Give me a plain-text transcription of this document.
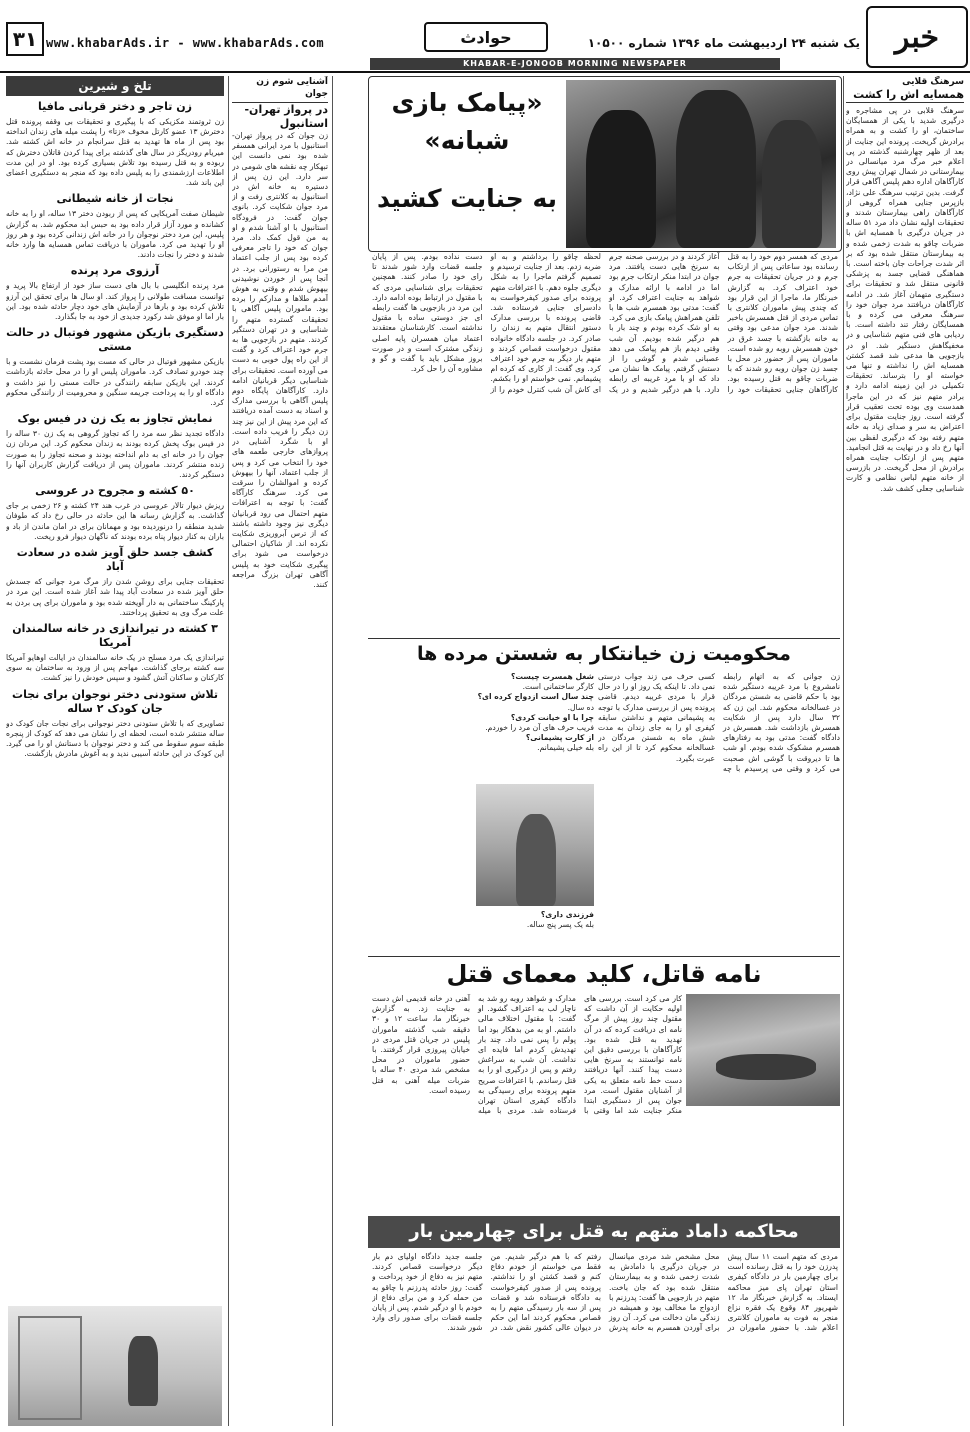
۳۱ www.khabarAds.ir - www.khabarAds.com	حوادث	یک شنبه ۲۴ اردیبهشت ماه ۱۳۹۶ شماره ۱۰۵۰۰	خبر
KHABAR-E-JONOOB MORNING NEWSPAPER
تلخ و شیرین
زن تاجر و دختر قربانی مافیا

زن ثروتمند مکزیکی که با پیگیری و تحقیقات بی وقفه پرونده قتل دخترش ۱۳ عضو کارتل مخوف «زتا» را پشت میله های زندان انداخته بود پس از ماه ها تهدید به قتل سرانجام در خانه اش کشته شد. میریام رودریگز در سال های گذشته برای پیدا کردن قاتلان دخترش که ربوده و به قتل رسیده بود تلاش بسیاری کرده بود. او در این مدت اطلاعات ارزشمندی را به پلیس داده بود که منجر به دستگیری اعضای این باند شد.

نجات از خانه شیطانی

شیطان صفت آمریکایی که پس از ربودن دختر ۱۳ ساله، او را به خانه کشانده و مورد آزار قرار داده بود به حبس ابد محکوم شد. به گزارش پلیس، این مرد دختر نوجوان را در خانه اش زندانی کرده بود و هر روز او را تهدید می کرد. ماموران با دریافت تماس همسایه ها وارد خانه شدند و دختر را نجات دادند.

آرزوی مرد پرنده

مرد پرنده انگلیسی با بال های دست ساز خود از ارتفاع بالا پرید و توانست مسافت طولانی را پرواز کند. او سال ها برای تحقق این آرزو تلاش کرده بود و بارها در آزمایش های خود دچار حادثه شده بود. این بار اما او موفق شد رکورد جدیدی از خود به جا بگذارد.

دستگیری بازیکن مشهور فوتبال در حالت مستی

بازیکن مشهور فوتبال در حالی که مست بود پشت فرمان نشست و با چند خودرو تصادف کرد. ماموران پلیس او را در محل حادثه بازداشت کردند. این بازیکن سابقه رانندگی در حالت مستی را نیز داشت و دادگاه او را به پرداخت جریمه سنگین و محرومیت از رانندگی محکوم کرد.

نمایش تجاوز به یک زن در فیس بوک

دادگاه تجدید نظر سه مرد را که تجاوز گروهی به یک زن ۳۰ ساله را در فیس بوک پخش کرده بودند به زندان محکوم کرد. این مردان زن جوان را در خانه ای به دام انداخته بودند و صحنه تجاوز را به صورت زنده منتشر کردند. ماموران پس از دریافت گزارش کاربران آنها را دستگیر کردند.

۵۰ کشته و مجروح در عروسی

ریزش دیوار تالار عروسی در غرب هند ۲۴ کشته و ۲۶ زخمی بر جای گذاشت. به گزارش رسانه ها این حادثه در حالی رخ داد که طوفان شدید منطقه را درنوردیده بود و مهمانان برای در امان ماندن از باد و باران به کنار دیوار پناه برده بودند که ناگهان دیوار فرو ریخت.

کشف جسد حلق آویز شده در سعادت آباد

تحقیقات جنایی برای روشن شدن راز مرگ مرد جوانی که جسدش حلق آویز شده در سعادت آباد پیدا شد آغاز شده است. این مرد در پارکینگ ساختمانی به دار آویخته شده بود و ماموران برای پی بردن به علت مرگ وی به تحقیق پرداختند.

۳ کشته در تیراندازی در خانه سالمندان آمریکا

تیراندازی یک مرد مسلح در یک خانه سالمندان در ایالت اوهایو آمریکا سه کشته برجای گذاشت. مهاجم پس از ورود به ساختمان به سوی کارکنان و ساکنان آتش گشود و سپس خودش را نیز کشت.

تلاش ستودنی دختر نوجوان برای نجات جان کودک ۲ ساله

تصاویری که با تلاش ستودنی دختر نوجوانی برای نجات جان کودک دو ساله منتشر شده است، لحظه ای را نشان می دهد که کودک از پنجره طبقه سوم سقوط می کند و دختر نوجوان با دستانش او را می گیرد. این کودک در این حادثه آسیبی ندید و به آغوش مادرش بازگشت.

آشنایی شوم زن جوان
در پرواز تهران-استانبول

زن جوان که در پرواز تهران-استانبول با مرد ایرانی همسفر شده بود نمی دانست این تبهکار چه نقشه های شومی در سر دارد. این زن پس از دستیره به خانه اش در استانبول به کلانتری رفت و از مرد جوان شکایت کرد. بانوی جوان گفت: در فرودگاه استانبول با او آشنا شدم و او به من قول کمک داد. مرد جوان که خود را تاجر معرفی کرده بود پس از جلب اعتماد من مرا به رستورانی برد. در آنجا پس از خوردن نوشیدنی بیهوش شدم و وقتی به هوش آمدم طلاها و مدارکم را برده بود. ماموران پلیس آگاهی با تحقیقات گسترده متهم را شناسایی و در تهران دستگیر کردند. متهم در بازجویی ها به جرم خود اعتراف کرد و گفت از این راه پول خوبی به دست می آورده است. تحقیقات برای شناسایی دیگر قربانیان ادامه دارد. کارآگاهان پایگاه دوم پلیس آگاهی با بررسی مدارک و اسناد به دست آمده دریافتند که این مرد پیش از این نیز چند زن دیگر را فریب داده است. او با شگرد آشنایی در پروازهای خارجی طعمه های خود را انتخاب می کرد و پس از جلب اعتماد، آنها را بیهوش کرده و اموالشان را سرقت می کرد. سرهنگ کارآگاه گفت: با توجه به اعترافات متهم احتمال می رود قربانیان دیگری نیز وجود داشته باشند که از ترس آبروریزی شکایت نکرده اند. از شاکیان احتمالی درخواست می شود برای پیگیری شکایت خود به پلیس آگاهی تهران بزرگ مراجعه کنند.

سرهنگ قلایی
همسایه اش را کشت

سرهنگ قلابی در پی مشاجره و درگیری شدید با یکی از همسایگان ساختمان، او را کشت و به همراه برادرش گریخت. پرونده این جنایت از بعد از ظهر چهارشنبه گذشته در پی اعلام خبر مرگ مرد میانسالی در بیمارستانی در شمال تهران پیش روی کارآگاهان اداره دهم پلیس آگاهی قرار گرفت. بدین ترتیب سرهنگ علی نژاد، بازپرس جنایی همراه گروهی از کارآگاهان راهی بیمارستان شدند و تحقیقات اولیه نشان داد مرد ۵۱ ساله در جریان درگیری با همسایه اش با ضربات چاقو به شدت زخمی شده و به بیمارستان منتقل شده بود که بر اثر شدت جراحات جان باخته است. با هماهنگی قضایی جسد به پزشکی قانونی منتقل شد و تحقیقات برای دستگیری متهمان آغاز شد. در ادامه کارآگاهان دریافتند مرد جوان خود را سرهنگ معرفی می کرده و با همسایگان رفتار تند داشته است. با ردیابی های فنی متهم شناسایی و در مخفیگاهش دستگیر شد. او در بازجویی ها مدعی شد قصد کشتن همسایه اش را نداشته و تنها می خواسته او را بترساند. تحقیقات تکمیلی در این زمینه ادامه دارد و برادر متهم نیز که در این ماجرا همدست وی بوده تحت تعقیب قرار گرفته است. روز جنایت مقتول برای اعتراض به سر و صدای زیاد به خانه متهم رفته بود که درگیری لفظی بین آنها رخ داد و در نهایت به قتل انجامید. متهم پس از ارتکاب جنایت همراه برادرش از محل گریخت. در بازرسی از خانه متهم لباس نظامی و کارت شناسایی جعلی کشف شد.

«پیامک بازی شبانه»
به جنایت کشید

مردی که همسر دوم خود را به قتل رسانده بود ساعاتی پس از ارتکاب جرم و در جریان تحقیقات به جرم خود اعتراف کرد. به گزارش خبرنگار ما، ماجرا از این قرار بود که چندی پیش ماموران کلانتری با تماس مردی از قتل همسرش باخبر شدند. مرد جوان مدعی بود وقتی به خانه بازگشته با جسد غرق در خون همسرش روبه رو شده است. ماموران پس از حضور در محل با جسد زن جوان روبه رو شدند که با ضربات چاقو به قتل رسیده بود. کارآگاهان جنایی تحقیقات خود را آغاز کردند و در بررسی صحنه جرم به سرنخ هایی دست یافتند. مرد جوان در ابتدا منکر ارتکاب جرم بود اما در ادامه با ارائه مدارک و شواهد به جنایت اعتراف کرد. او گفت: مدتی بود همسرم شب ها با تلفن همراهش پیامک بازی می کرد. به او شک کرده بودم و چند بار با هم درگیر شده بودیم. آن شب وقتی دیدم باز هم پیامک می دهد عصبانی شدم و گوشی را از دستش گرفتم. پیامک ها نشان می داد که او با مرد غریبه ای رابطه دارد. با هم درگیر شدیم و در یک لحظه چاقو را برداشتم و به او ضربه زدم. بعد از جنایت ترسیدم و تصمیم گرفتم ماجرا را به شکل دیگری جلوه دهم. با اعترافات متهم پرونده برای صدور کیفرخواست به دادسرای جنایی فرستاده شد. قاضی پرونده با بررسی مدارک دستور انتقال متهم به زندان را صادر کرد. در جلسه دادگاه خانواده مقتول درخواست قصاص کردند و متهم بار دیگر به جرم خود اعتراف کرد. وی گفت: از کاری که کرده ام پشیمانم. نمی خواستم او را بکشم. ای کاش آن شب کنترل خودم را از دست نداده بودم. پس از پایان جلسه قضات وارد شور شدند تا رای خود را صادر کنند. همچنین تحقیقات برای شناسایی مردی که با مقتول در ارتباط بوده ادامه دارد. این مرد در بازجویی ها گفت رابطه ای جز دوستی ساده با مقتول نداشته است. کارشناسان معتقدند اعتماد میان همسران پایه اصلی زندگی مشترک است و در صورت بروز مشکل باید با گفت و گو و مشاوره آن را حل کرد.

محکومیت زن خیانتکار به شستن مرده ها

زن جوانی که به اتهام رابطه نامشروع با مرد غریبه دستگیر شده بود با حکم قاضی به شستن مردگان در غسالخانه محکوم شد. این زن که ۳۲ سال دارد پس از شکایت همسرش بازداشت شد. همسرش در دادگاه گفت: مدتی بود به رفتارهای همسرم مشکوک شده بودم. او شب ها تا دیروقت با گوشی اش صحبت می کرد و وقتی می پرسیدم با چه کسی حرف می زند جواب درستی نمی داد. تا اینکه یک روز او را در حال قرار با مردی غریبه دیدم. قاضی پرونده پس از بررسی مدارک با توجه به پشیمانی متهم و نداشتن سابقه کیفری او را به جای زندان به مدت شش ماه به شستن مردگان در غسالخانه محکوم کرد تا از این راه عبرت بگیرد.

شغل همسرت چیست؟

کارگر ساختمانی است.

چند سال است ازدواج کرده ای؟

ده سال.

چرا با او خیانت کردی؟

فریب حرف های آن مرد را خوردم.

از کارت پشیمانی؟

بله خیلی پشیمانم.

فرزندی داری؟

بله یک پسر پنج ساله.

نامه قاتل، کلید معمای قتل

کار می کرد است. بررسی های اولیه حکایت از آن داشت که مقتول چند روز پیش از مرگ نامه ای دریافت کرده که در آن تهدید به قتل شده بود. کارآگاهان با بررسی دقیق این نامه توانستند به سرنخ هایی دست پیدا کنند. آنها دریافتند دست خط نامه متعلق به یکی از آشنایان مقتول است. مرد جوان پس از دستگیری ابتدا منکر جنایت شد اما وقتی با مدارک و شواهد روبه رو شد به ناچار لب به اعتراف گشود. او گفت: با مقتول اختلاف مالی داشتم. او به من بدهکار بود اما پولم را پس نمی داد. چند بار تهدیدش کردم اما فایده ای نداشت. آن شب به سراغش رفتم و پس از درگیری او را به قتل رساندم. با اعترافات صریح متهم پرونده برای رسیدگی به دادگاه کیفری استان تهران فرستاده شد. مردی با میله آهنی در خانه قدیمی اش دست به جنایت زد. به گزارش خبرنگار ما، ساعت ۱۲ و ۳۰ دقیقه شب گذشته ماموران پلیس در جریان قتل مردی در خیابان پیروزی قرار گرفتند. با حضور ماموران در محل مشخص شد مردی ۴۰ ساله با ضربات میله آهنی به قتل رسیده است.

محاکمه داماد متهم به قتل برای چهارمین بار

مردی که متهم است ۱۱ سال پیش پدرزن خود را به قتل رسانده است برای چهارمین بار در دادگاه کیفری استان تهران پای میز محاکمه ایستاد. به گزارش خبرنگار ما، ۱۲ شهریور ۸۴ وقوع یک فقره نزاع منجر به فوت به ماموران کلانتری اعلام شد. با حضور ماموران در محل مشخص شد مردی میانسال در جریان درگیری با دامادش به شدت زخمی شده و به بیمارستان منتقل شده بود که جان باخت. متهم در بازجویی ها گفت: پدرزنم با ازدواج ما مخالف بود و همیشه در زندگی مان دخالت می کرد. آن روز برای آوردن همسرم به خانه پدرش رفتم که با هم درگیر شدیم. من فقط می خواستم از خودم دفاع کنم و قصد کشتن او را نداشتم. پرونده پس از صدور کیفرخواست به دادگاه فرستاده شد و قضات پس از سه بار رسیدگی متهم را به قصاص محکوم کردند اما این حکم در دیوان عالی کشور نقض شد. در جلسه جدید دادگاه اولیای دم بار دیگر درخواست قصاص کردند. متهم نیز به دفاع از خود پرداخت و گفت: روز حادثه پدرزنم با چاقو به من حمله کرد و من برای دفاع از خودم با او درگیر شدم. پس از پایان جلسه قضات برای صدور رای وارد شور شدند.
